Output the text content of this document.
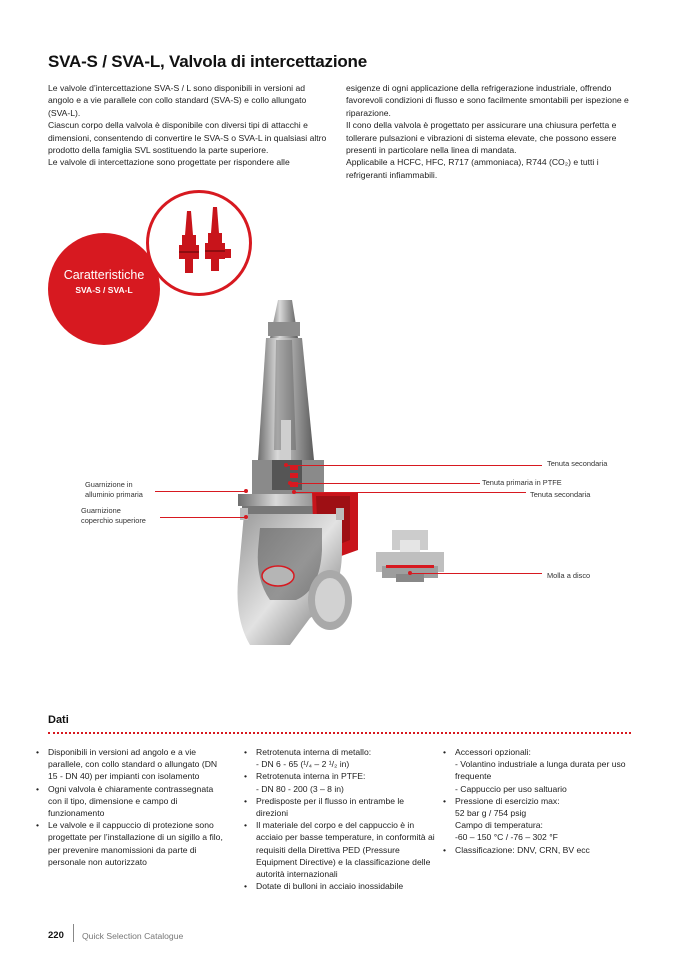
SVA-S / SVA-L, Valvola di intercettazione

Le valvole d’intercettazione SVA-S / L sono disponibili in versioni ad angolo e a vie parallele con collo standard (SVA-S) e collo allungato (SVA-L).

Ciascun corpo della valvola è disponibile con diversi tipi di attacchi e dimensioni, consentendo di convertire le SVA-S o SVA-L in qualsiasi altro prodotto della famiglia SVL sostituendo la parte superiore.

Le valvole di intercettazione sono progettate per rispondere alle

esigenze di ogni applicazione della refrigerazione industriale, offrendo favorevoli condizioni di flusso e sono facilmente smontabili per ispezione e riparazione.

Il cono della valvola è progettato per assicurare una chiusura perfetta e tollerare pulsazioni e vibrazioni di sistema elevate, che possono essere presenti in particolare nella linea di mandata.

Applicabile a HCFC, HFC, R717 (ammoniaca), R744 (CO₂) e tutti i refrigeranti infiammabili.

Caratteristiche
SVA-S / SVA-L
Tenuta secondaria
Tenuta primaria in PTFE
Tenuta secondaria
Molla a disco
Guarnizione in
alluminio primaria
Guarnizione
coperchio superiore
Dati
• Disponibili in versioni ad angolo e a vie parallele, con collo standard o allungato (DN 15 - DN 40) per impianti con isolamento
• Ogni valvola è chiaramente contrassegnata con il tipo, dimensione e campo di funzionamento
• Le valvole e il cappuccio di protezione sono progettate per l’installazione di un sigillo a filo, per prevenire manomissioni da parte di personale non autorizzato
• Retrotenuta interna di metallo:
- DN 6 - 65 (¹/₄ – 2 ¹/₂ in)
• Retrotenuta interna in PTFE:
- DN 80 - 200 (3 – 8 in)
• Predisposte per il flusso in entrambe le direzioni
• Il materiale del corpo e del cappuccio è in acciaio per basse temperature, in conformità ai requisiti della Direttiva PED (Pressure Equipment Directive) e la classificazione delle autorità internazionali
• Dotate di bulloni in acciaio inossidabile
• Accessori opzionali:
- Volantino industriale a lunga durata per uso frequente
- Cappuccio per uso saltuario
• Pressione di esercizio max:
52 bar g / 754 psig
Campo di temperatura:
-60 – 150 °C / -76 – 302 °F
• Classificazione: DNV, CRN, BV ecc
220 Quick Selection Catalogue
